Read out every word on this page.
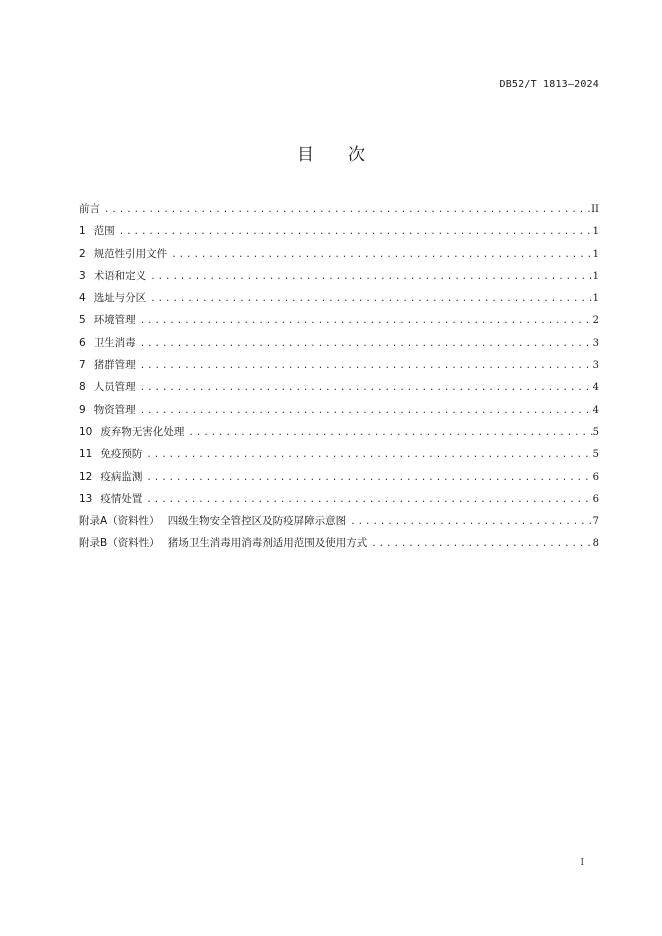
DB52/T 1813—2024
目 次
前言 .....	II
1 范围 .....	1
2 规范性引用文件 .....	1
3 术语和定义 .....	1
4 选址与分区 .....	1
5 环境管理 .....	2
6 卫生消毒 .....	3
7 猪群管理 .....	3
8 人员管理 .....	4
9 物资管理 .....	4
10 废弃物无害化处理 .....	5
11 免疫预防 .....	5
12 疫病监测 .....	6
13 疫情处置 .....	6
附录A（资料性） 四级生物安全管控区及防疫屏障示意图 .....	7
附录B（资料性） 猪场卫生消毒用消毒剂适用范围及使用方式 .....	8
I
